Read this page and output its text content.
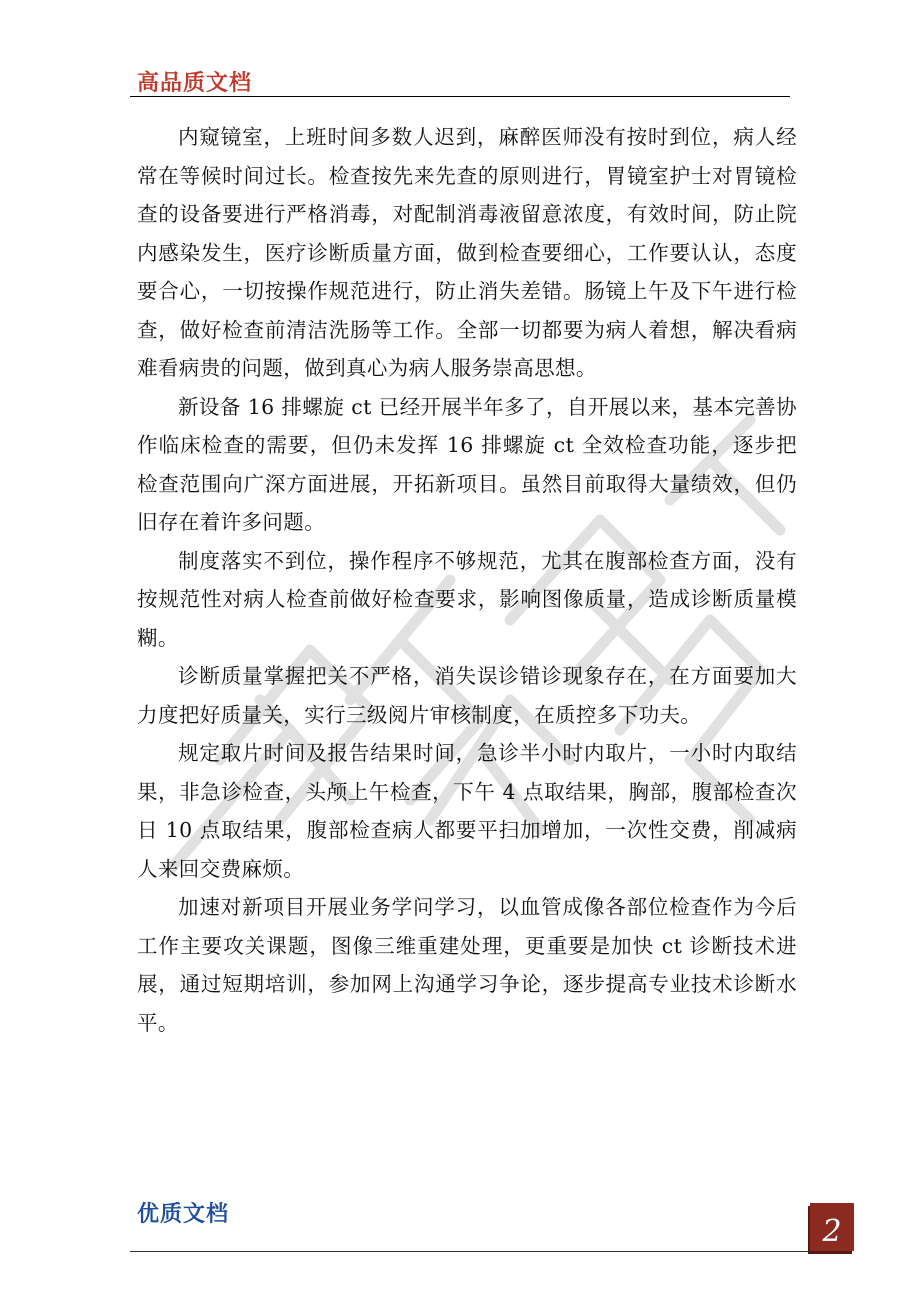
高品质文档

内窥镜室，上班时间多数人迟到，麻醉医师没有按时到位，病人经常在等候时间过长。检查按先来先查的原则进行，胃镜室护士对胃镜检查的设备要进行严格消毒，对配制消毒液留意浓度，有效时间，防止院内感染发生，医疗诊断质量方面，做到检查要细心，工作要认认，态度要合心，一切按操作规范进行，防止消失差错。肠镜上午及下午进行检查，做好检查前清洁洗肠等工作。全部一切都要为病人着想，解决看病难看病贵的问题，做到真心为病人服务崇高思想。

新设备 16 排螺旋 ct 已经开展半年多了，自开展以来，基本完善协作临床检查的需要，但仍未发挥 16 排螺旋 ct 全效检查功能，逐步把检查范围向广深方面进展，开拓新项目。虽然目前取得大量绩效，但仍旧存在着许多问题。

制度落实不到位，操作程序不够规范，尤其在腹部检查方面，没有按规范性对病人检查前做好检查要求，影响图像质量，造成诊断质量模糊。

诊断质量掌握把关不严格，消失误诊错诊现象存在，在方面要加大力度把好质量关，实行三级阅片审核制度，在质控多下功夫。

规定取片时间及报告结果时间，急诊半小时内取片，一小时内取结果，非急诊检查，头颅上午检查，下午 4 点取结果，胸部，腹部检查次日 10 点取结果，腹部检查病人都要平扫加增加，一次性交费，削减病人来回交费麻烦。

加速对新项目开展业务学问学习，以血管成像各部位检查作为今后工作主要攻关课题，图像三维重建处理，更重要是加快 ct 诊断技术进展，通过短期培训，参加网上沟通学习争论，逐步提高专业技术诊断水平。

优质文档	2
